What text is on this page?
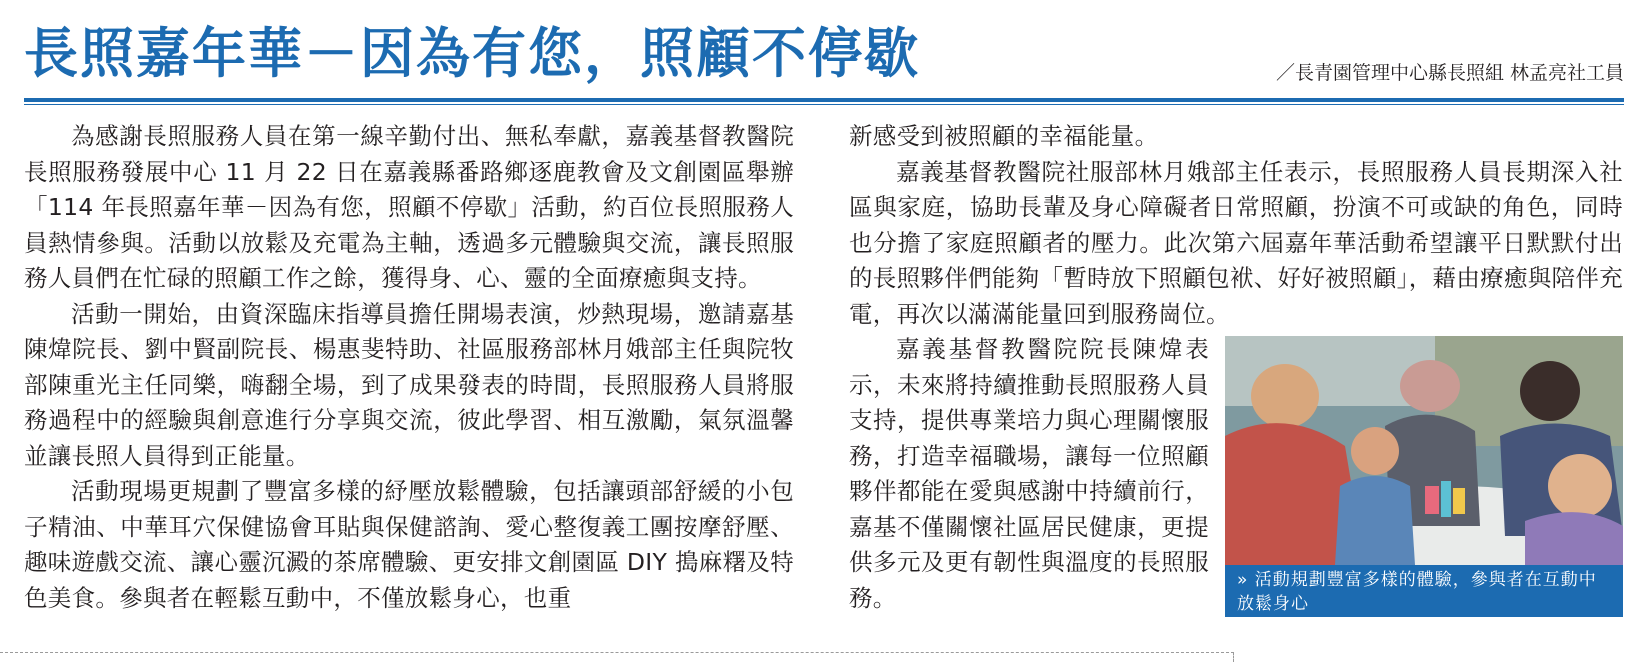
長照嘉年華－因為有您，照顧不停歇	／長青園管理中心縣長照組 林孟亮社工員

為感謝長照服務人員在第一線辛勤付出、無私奉獻，嘉義基督教醫院長照服務發展中心 11 月 22 日在嘉義縣番路鄉逐鹿教會及文創園區舉辦「114 年長照嘉年華－因為有您，照顧不停歇」活動，約百位長照服務人員熱情參與。活動以放鬆及充電為主軸，透過多元體驗與交流，讓長照服務人員們在忙碌的照顧工作之餘，獲得身、心、靈的全面療癒與支持。

活動一開始，由資深臨床指導員擔任開場表演，炒熱現場，邀請嘉基陳煒院長、劉中賢副院長、楊惠斐特助、社區服務部林月娥部主任與院牧部陳重光主任同樂，嗨翻全場，到了成果發表的時間，長照服務人員將服務過程中的經驗與創意進行分享與交流，彼此學習、相互激勵，氣氛溫馨並讓長照人員得到正能量。

活動現場更規劃了豐富多樣的紓壓放鬆體驗，包括讓頭部舒緩的小包子精油、中華耳穴保健協會耳貼與保健諮詢、愛心整復義工團按摩舒壓、趣味遊戲交流、讓心靈沉澱的茶席體驗、更安排文創園區 DIY 搗麻糬及特色美食。參與者在輕鬆互動中，不僅放鬆身心，也重

新感受到被照顧的幸福能量。

嘉義基督教醫院社服部林月娥部主任表示，長照服務人員長期深入社區與家庭，協助長輩及身心障礙者日常照顧，扮演不可或缺的角色，同時也分擔了家庭照顧者的壓力。此次第六屆嘉年華活動希望讓平日默默付出的長照夥伴們能夠「暫時放下照顧包袱、好好被照顧」，藉由療癒與陪伴充電，再次以滿滿能量回到服務崗位。

» 活動規劃豐富多樣的體驗，參與者在互動中放鬆身心

嘉義基督教醫院院長陳煒表示，未來將持續推動長照服務人員支持，提供專業培力與心理關懷服務，打造幸福職場，讓每一位照顧夥伴都能在愛與感謝中持續前行，嘉基不僅關懷社區居民健康，更提供多元及更有韌性與溫度的長照服務。
